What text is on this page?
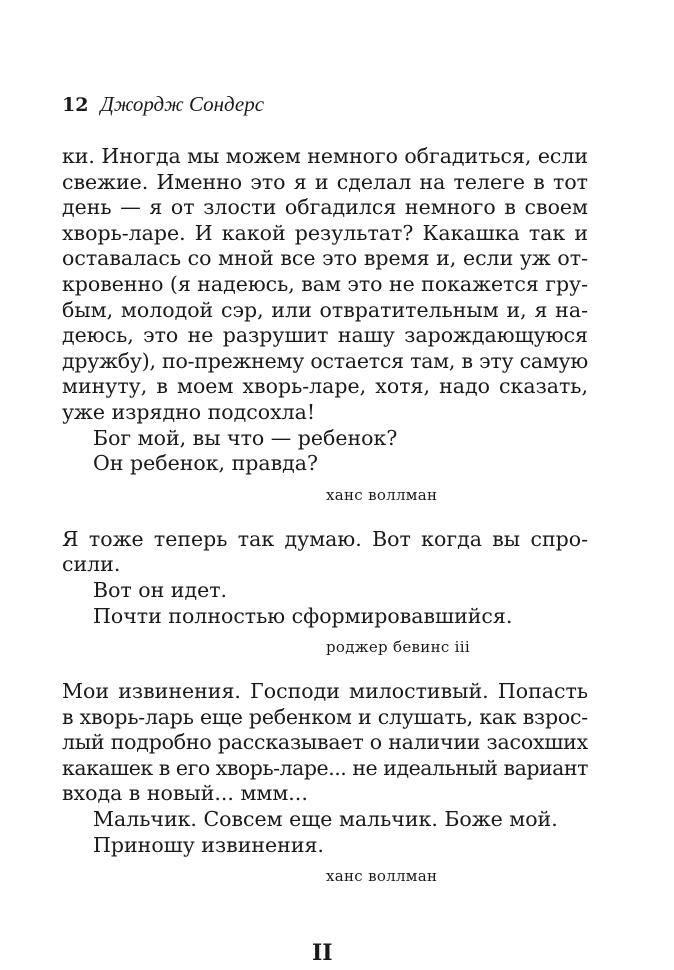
12 Джордж Сондерс
ки. Иногда мы можем немного обгадиться, если
свежие. Именно это я и сделал на телеге в тот
день — я от злости обгадился немного в своем
хворь-ларе. И какой результат? Какашка так и
оставалась со мной все это время и, если уж от-
кровенно (я надеюсь, вам это не покажется гру-
бым, молодой сэр, или отвратительным и, я на-
деюсь, это не разрушит нашу зарождающуюся
дружбу), по-прежнему остается там, в эту самую
минуту, в моем хворь-ларе, хотя, надо сказать,
уже изрядно подсохла!
Бог мой, вы что — ребенок?
Он ребенок, правда?
ханс воллман
Я тоже теперь так думаю. Вот когда вы спро-
сили.
Вот он идет.
Почти полностью сформировавшийся.
роджер бевинс iii
Мои извинения. Господи милостивый. Попасть
в хворь-ларь еще ребенком и слушать, как взрос-
лый подробно рассказывает о наличии засохших
какашек в его хворь-ларе... не идеальный вариант
входа в новый... ммм...
Мальчик. Совсем еще мальчик. Боже мой.
Приношу извинения.
ханс воллман
II
